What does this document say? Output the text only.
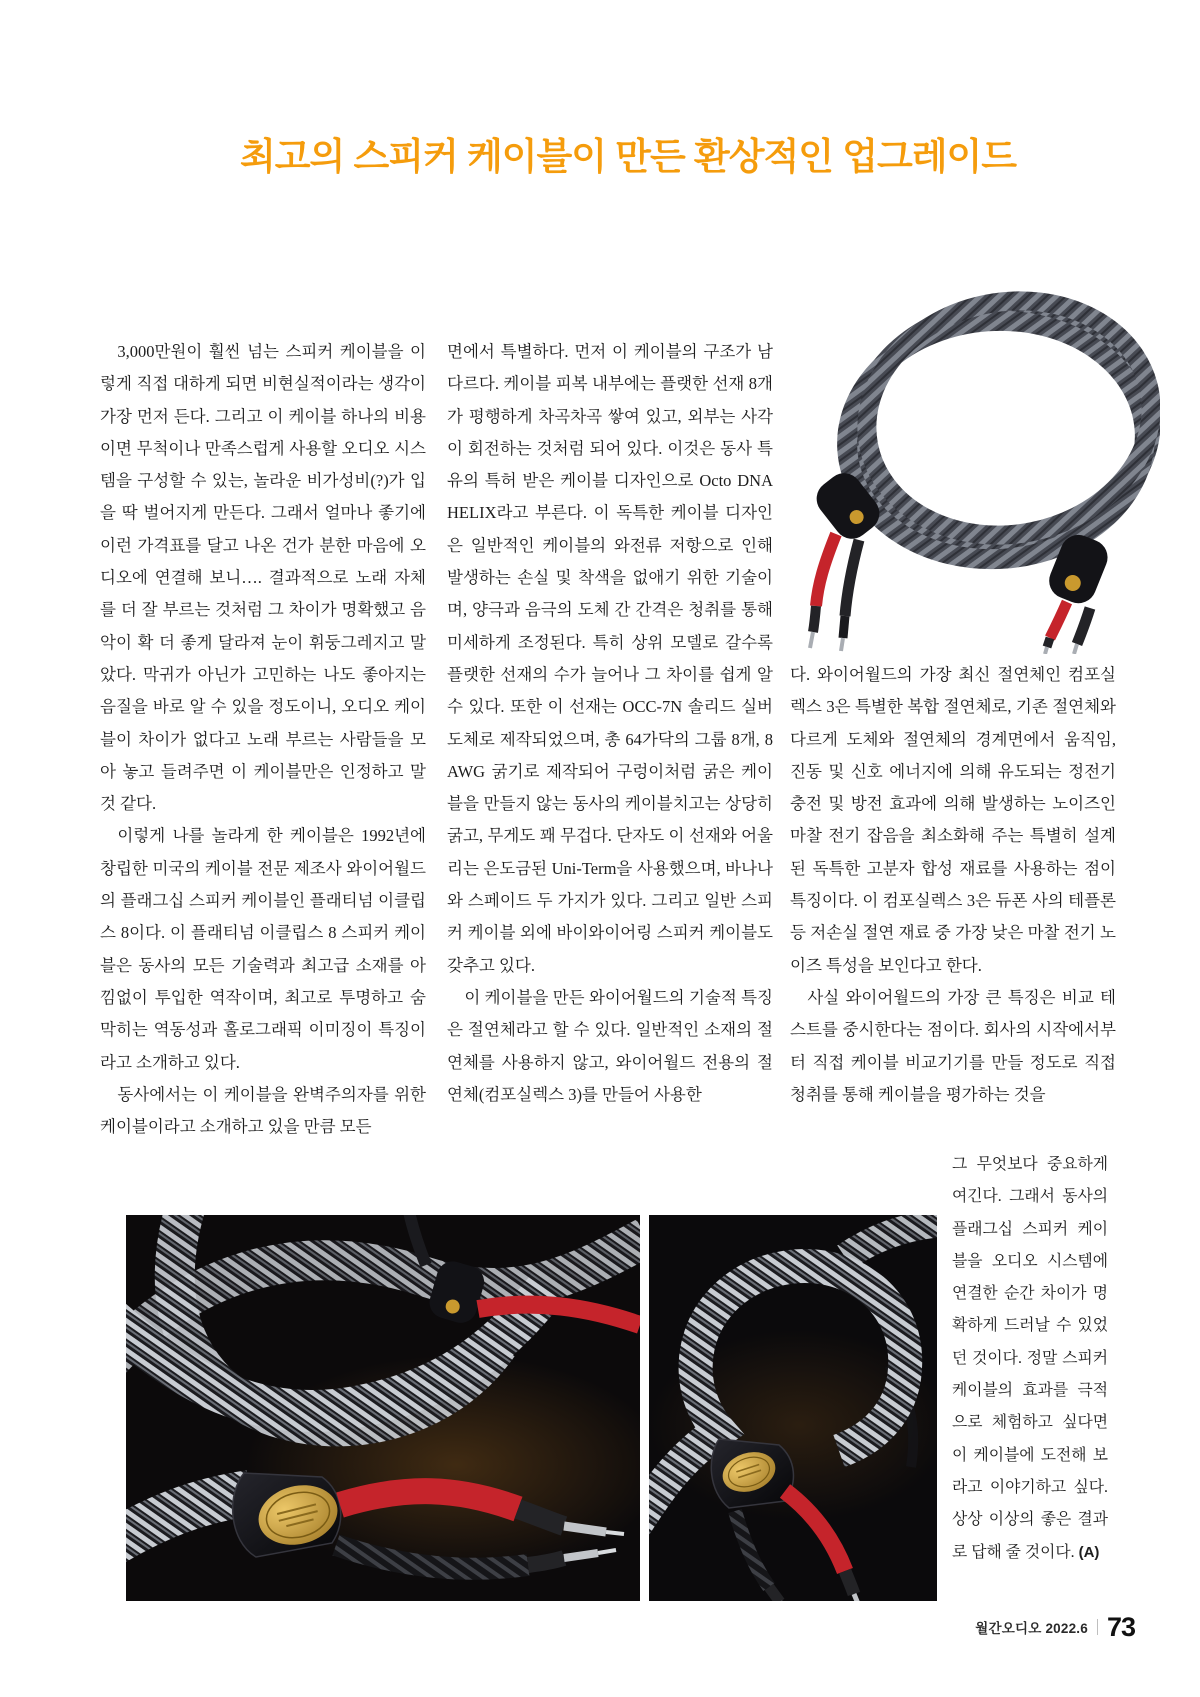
최고의 스피커 케이블이 만든 환상적인 업그레이드

3,000만원이 훨씬 넘는 스피커 케이블을 이렇게 직접 대하게 되면 비현실적이라는 생각이 가장 먼저 든다. 그리고 이 케이블 하나의 비용이면 무척이나 만족스럽게 사용할 오디오 시스템을 구성할 수 있는, 놀라운 비가성비(?)가 입을 딱 벌어지게 만든다. 그래서 얼마나 좋기에 이런 가격표를 달고 나온 건가 분한 마음에 오디오에 연결해 보니…. 결과적으로 노래 자체를 더 잘 부르는 것처럼 그 차이가 명확했고 음악이 확 더 좋게 달라져 눈이 휘둥그레지고 말았다. 막귀가 아닌가 고민하는 나도 좋아지는 음질을 바로 알 수 있을 정도이니, 오디오 케이블이 차이가 없다고 노래 부르는 사람들을 모아 놓고 들려주면 이 케이블만은 인정하고 말 것 같다.

이렇게 나를 놀라게 한 케이블은 1992년에 창립한 미국의 케이블 전문 제조사 와이어월드의 플래그십 스피커 케이블인 플래티넘 이클립스 8이다. 이 플래티넘 이클립스 8 스피커 케이블은 동사의 모든 기술력과 최고급 소재를 아낌없이 투입한 역작이며, 최고로 투명하고 숨 막히는 역동성과 홀로그래픽 이미징이 특징이라고 소개하고 있다.

동사에서는 이 케이블을 완벽주의자를 위한 케이블이라고 소개하고 있을 만큼 모든

면에서 특별하다. 먼저 이 케이블의 구조가 남다르다. 케이블 피복 내부에는 플랫한 선재 8개가 평행하게 차곡차곡 쌓여 있고, 외부는 사각이 회전하는 것처럼 되어 있다. 이것은 동사 특유의 특허 받은 케이블 디자인으로 Octo DNA HELIX라고 부른다. 이 독특한 케이블 디자인은 일반적인 케이블의 와전류 저항으로 인해 발생하는 손실 및 착색을 없애기 위한 기술이며, 양극과 음극의 도체 간 간격은 청취를 통해 미세하게 조정된다. 특히 상위 모델로 갈수록 플랫한 선재의 수가 늘어나 그 차이를 쉽게 알 수 있다. 또한 이 선재는 OCC-7N 솔리드 실버 도체로 제작되었으며, 총 64가닥의 그룹 8개, 8AWG 굵기로 제작되어 구렁이처럼 굵은 케이블을 만들지 않는 동사의 케이블치고는 상당히 굵고, 무게도 꽤 무겁다. 단자도 이 선재와 어울리는 은도금된 Uni-Term을 사용했으며, 바나나와 스페이드 두 가지가 있다. 그리고 일반 스피커 케이블 외에 바이와이어링 스피커 케이블도 갖추고 있다.

이 케이블을 만든 와이어월드의 기술적 특징은 절연체라고 할 수 있다. 일반적인 소재의 절연체를 사용하지 않고, 와이어월드 전용의 절연체(컴포실렉스 3)를 만들어 사용한

다. 와이어월드의 가장 최신 절연체인 컴포실렉스 3은 특별한 복합 절연체로, 기존 절연체와 다르게 도체와 절연체의 경계면에서 움직임, 진동 및 신호 에너지에 의해 유도되는 정전기 충전 및 방전 효과에 의해 발생하는 노이즈인 마찰 전기 잡음을 최소화해 주는 특별히 설계된 독특한 고분자 합성 재료를 사용하는 점이 특징이다. 이 컴포실렉스 3은 듀폰 사의 테플론 등 저손실 절연 재료 중 가장 낮은 마찰 전기 노이즈 특성을 보인다고 한다.

사실 와이어월드의 가장 큰 특징은 비교 테스트를 중시한다는 점이다. 회사의 시작에서부터 직접 케이블 비교기기를 만들 정도로 직접 청취를 통해 케이블을 평가하는 것을

그 무엇보다 중요하게 여긴다. 그래서 동사의 플래그십 스피커 케이블을 오디오 시스템에 연결한 순간 차이가 명확하게 드러날 수 있었던 것이다. 정말 스피커 케이블의 효과를 극적으로 체험하고 싶다면 이 케이블에 도전해 보라고 이야기하고 싶다. 상상 이상의 좋은 결과로 답해 줄 것이다. (A)

월간오디오 2022.6 73
